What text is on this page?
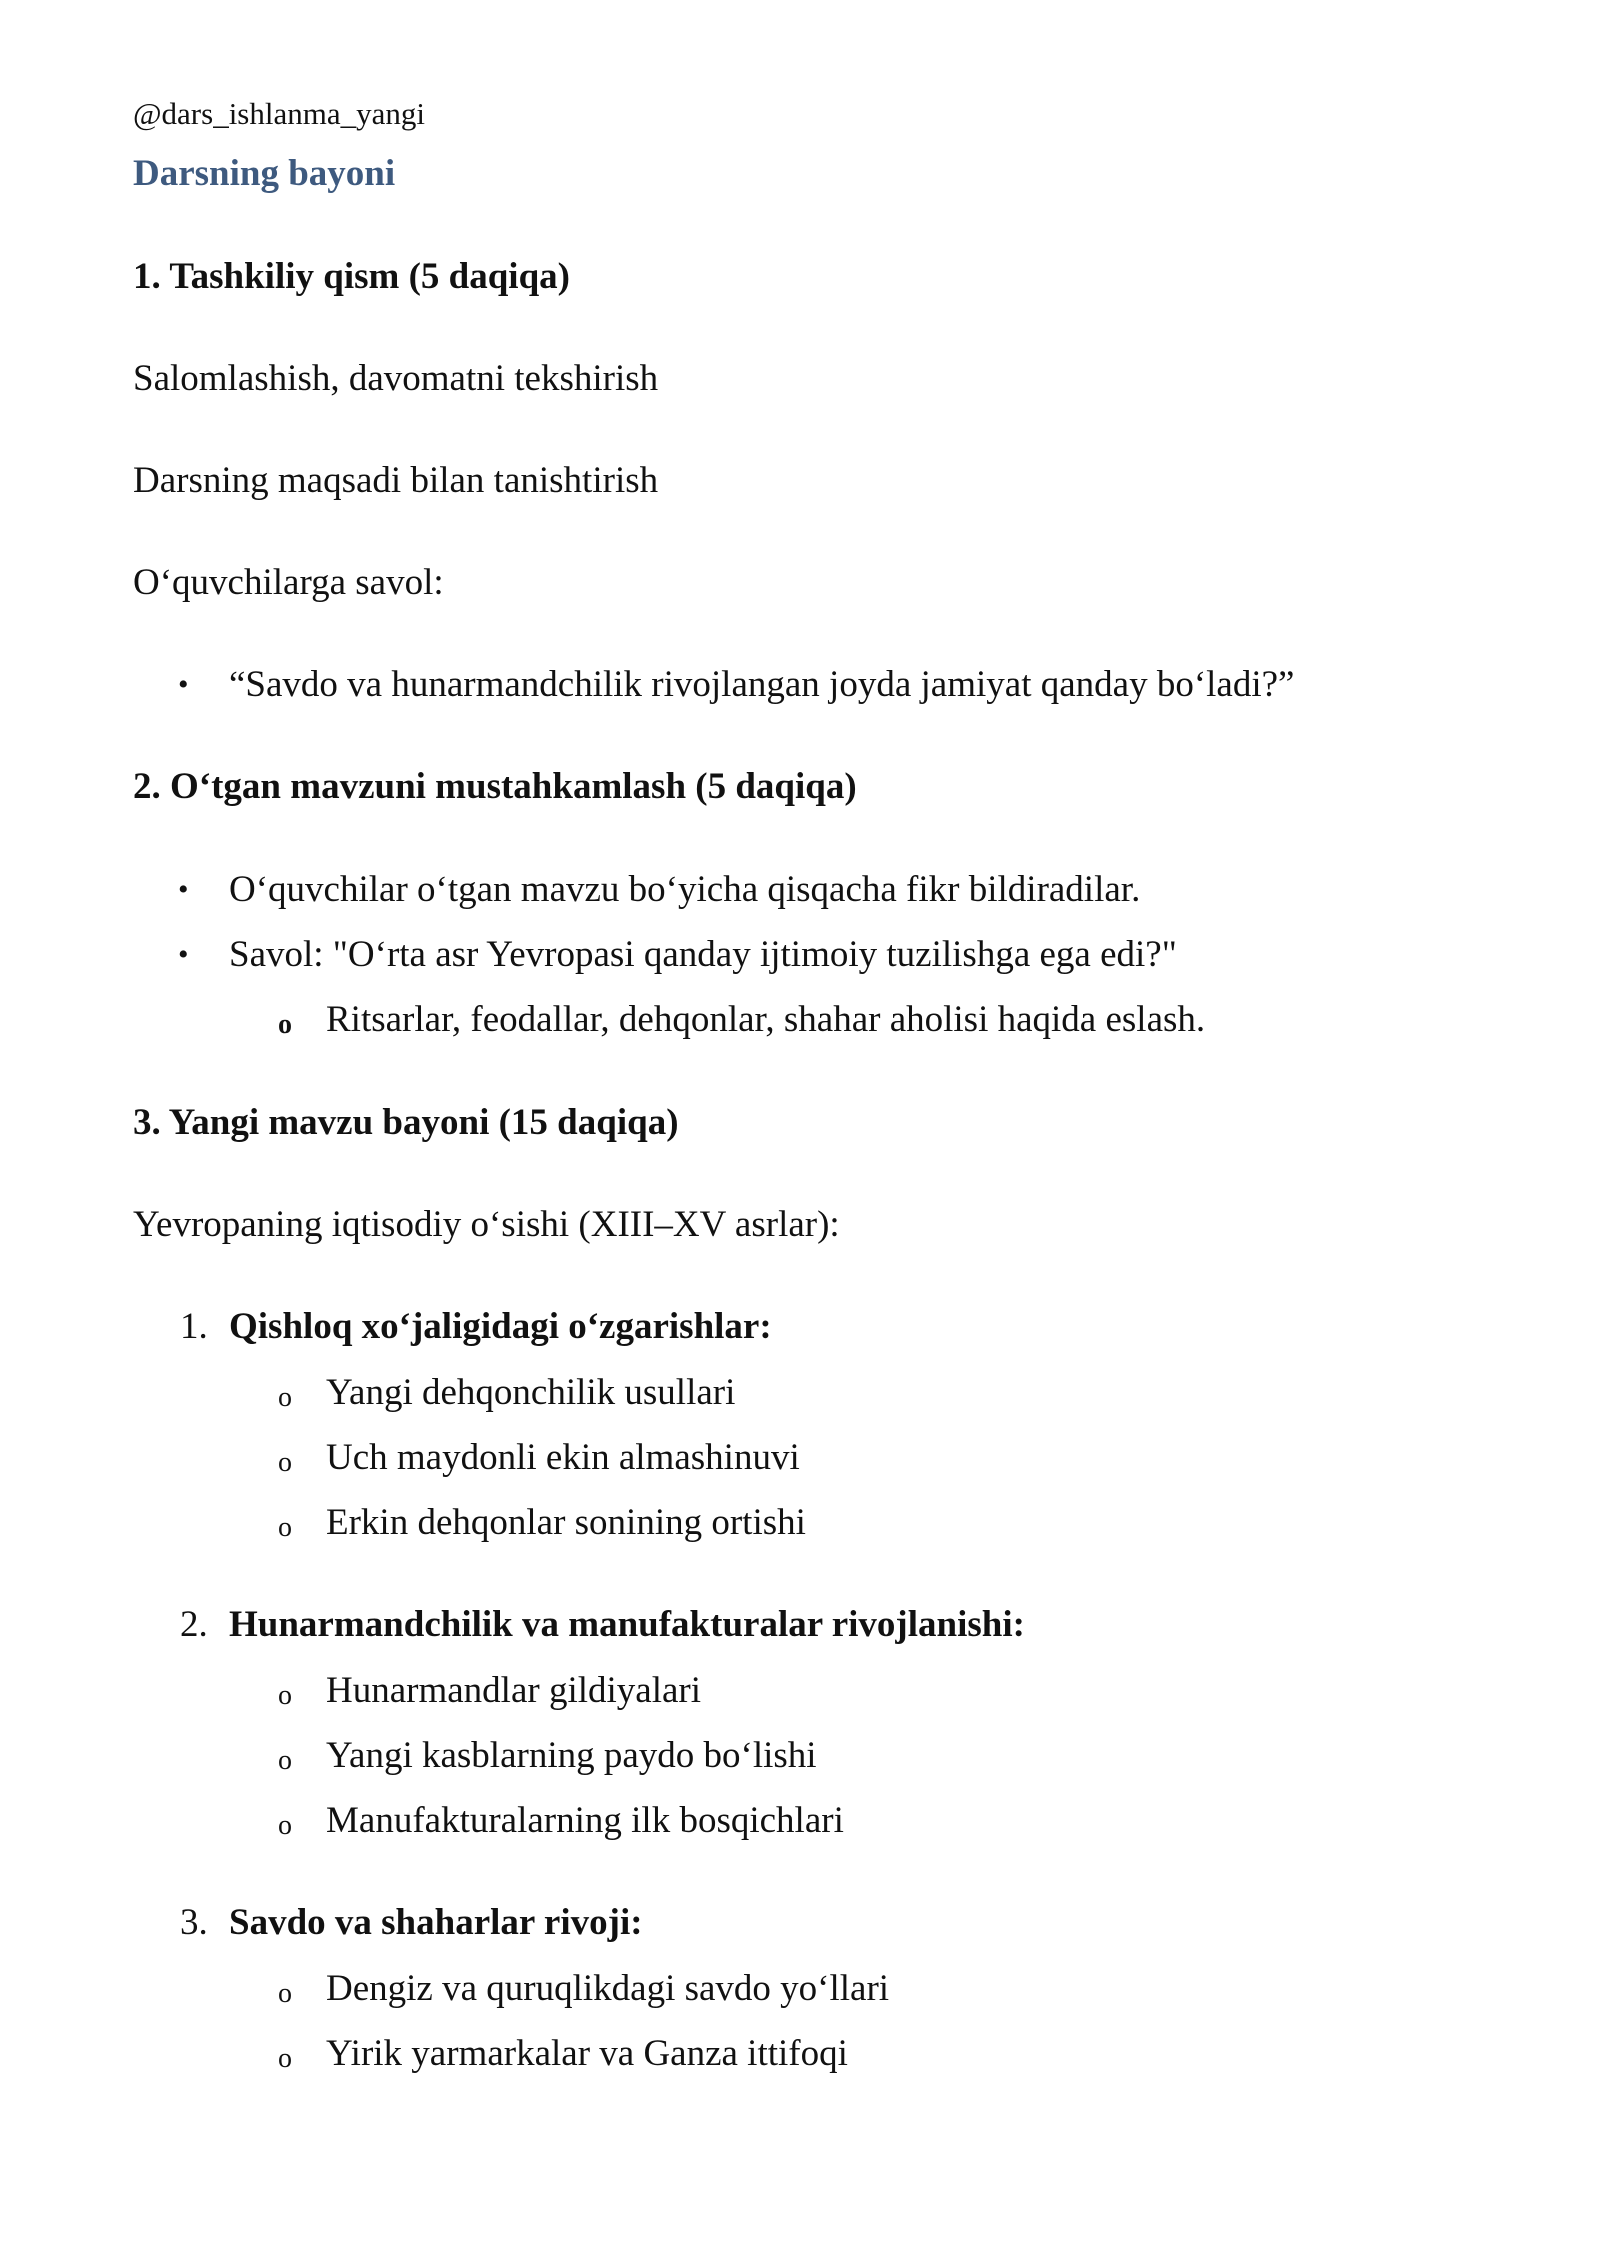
@dars_ishlanma_yangi
Darsning bayoni
1. Tashkiliy qism (5 daqiqa)
Salomlashish, davomatni tekshirish
Darsning maqsadi bilan tanishtirish
O‘quvchilarga savol:
• “Savdo va hunarmandchilik rivojlangan joyda jamiyat qanday bo‘ladi?”
2. O‘tgan mavzuni mustahkamlash (5 daqiqa)
• O‘quvchilar o‘tgan mavzu bo‘yicha qisqacha fikr bildiradilar.
• Savol: "O‘rta asr Yevropasi qanday ijtimoiy tuzilishga ega edi?"
o Ritsarlar, feodallar, dehqonlar, shahar aholisi haqida eslash.
3. Yangi mavzu bayoni (15 daqiqa)
Yevropaning iqtisodiy o‘sishi (XIII–XV asrlar):
1. Qishloq xo‘jaligidagi o‘zgarishlar:
o Yangi dehqonchilik usullari
o Uch maydonli ekin almashinuvi
o Erkin dehqonlar sonining ortishi
2. Hunarmandchilik va manufakturalar rivojlanishi:
o Hunarmandlar gildiyalari
o Yangi kasblarning paydo bo‘lishi
o Manufakturalarning ilk bosqichlari
3. Savdo va shaharlar rivoji:
o Dengiz va quruqlikdagi savdo yo‘llari
o Yirik yarmarkalar va Ganza ittifoqi
